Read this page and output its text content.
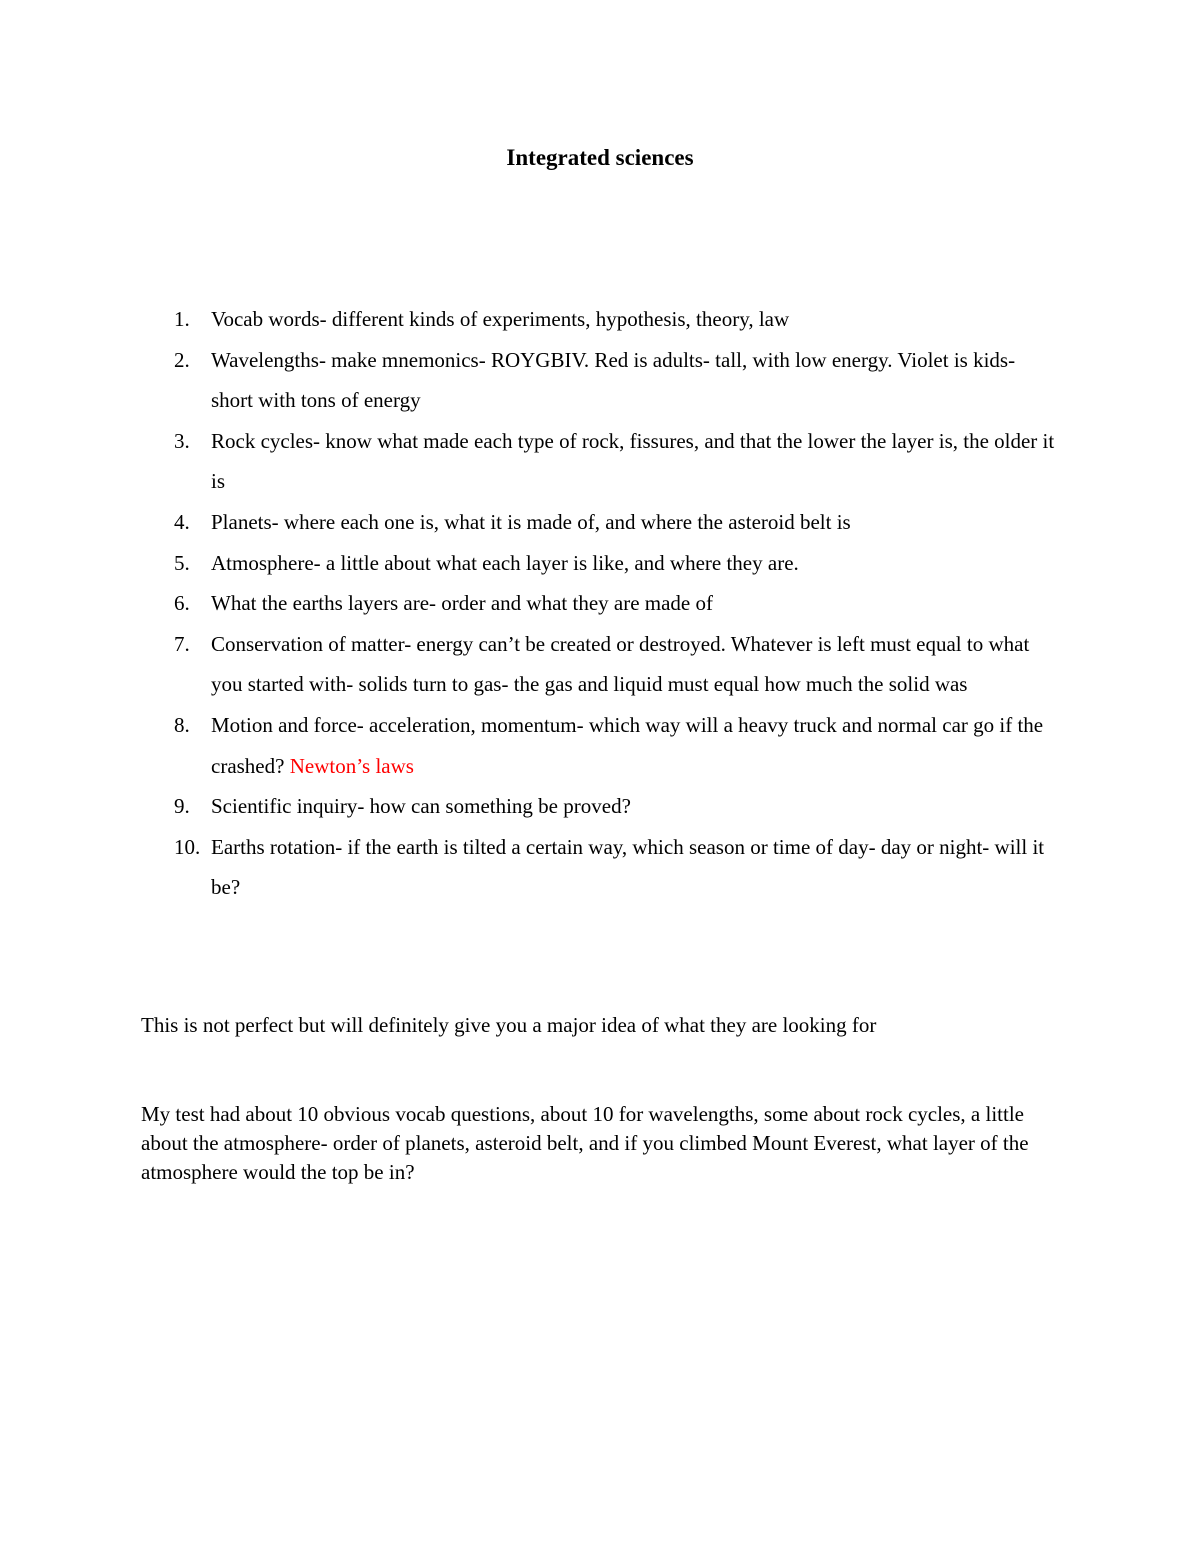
Integrated sciences
1. Vocab words- different kinds of experiments, hypothesis, theory, law
2. Wavelengths- make mnemonics- ROYGBIV. Red is adults- tall, with low energy. Violet is kids- short with tons of energy
3. Rock cycles- know what made each type of rock, fissures, and that the lower the layer is, the older it is
4. Planets- where each one is, what it is made of, and where the asteroid belt is
5. Atmosphere- a little about what each layer is like, and where they are.
6. What the earths layers are- order and what they are made of
7. Conservation of matter- energy can’t be created or destroyed. Whatever is left must equal to what you started with- solids turn to gas- the gas and liquid must equal how much the solid was
8. Motion and force- acceleration, momentum- which way will a heavy truck and normal car go if the crashed? Newton’s laws
9. Scientific inquiry- how can something be proved?
10. Earths rotation- if the earth is tilted a certain way, which season or time of day- day or night- will it be?

This is not perfect but will definitely give you a major idea of what they are looking for

My test had about 10 obvious vocab questions, about 10 for wavelengths, some about rock cycles, a little about the atmosphere- order of planets, asteroid belt, and if you climbed Mount Everest, what layer of the atmosphere would the top be in?
